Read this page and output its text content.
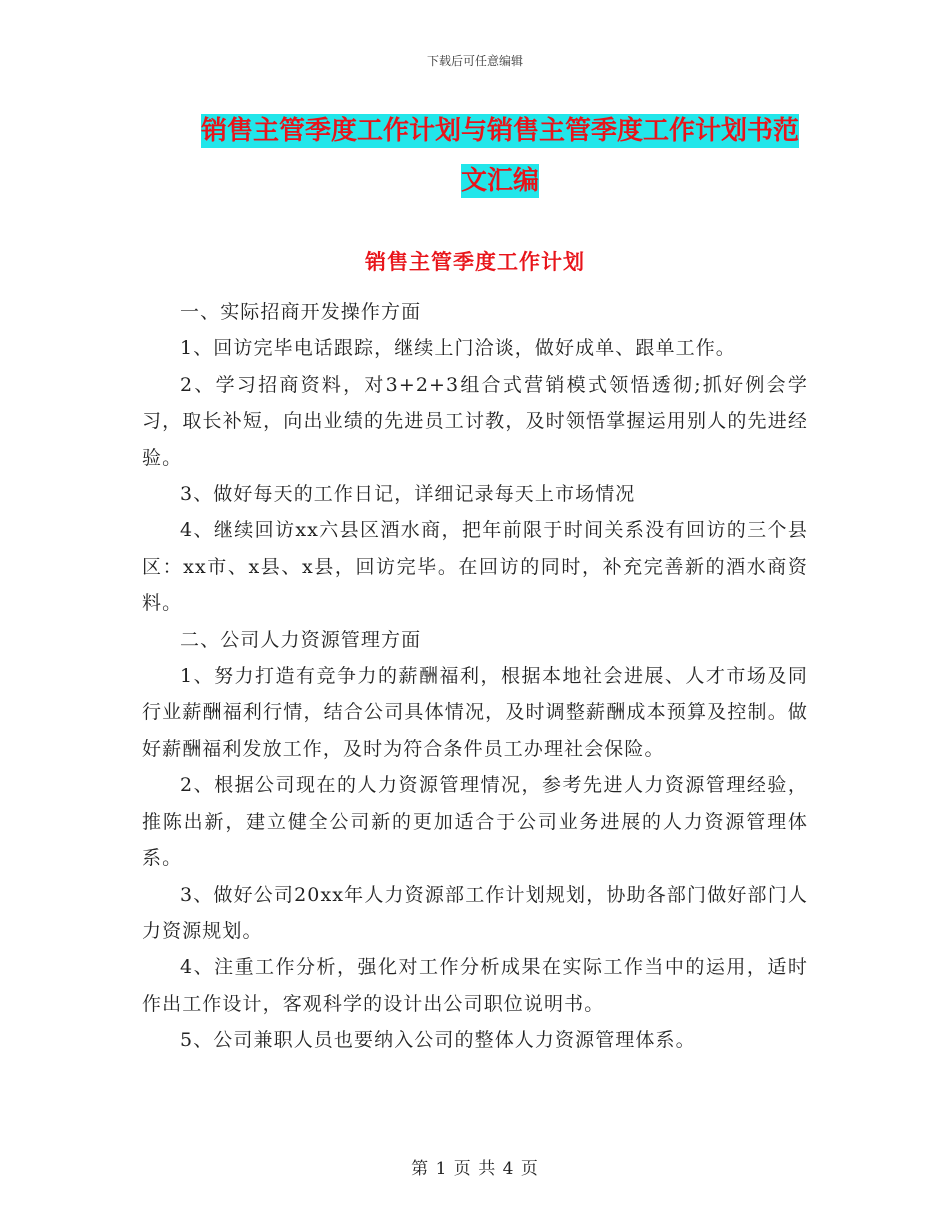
下载后可任意编辑
销售主管季度工作计划与销售主管季度工作计划书范文汇编
销售主管季度工作计划

一、实际招商开发操作方面

1、回访完毕电话跟踪，继续上门洽谈，做好成单、跟单工作。

2、学习招商资料，对3+2+3组合式营销模式领悟透彻;抓好例会学习，取长补短，向出业绩的先进员工讨教，及时领悟掌握运用别人的先进经验。

3、做好每天的工作日记，详细记录每天上市场情况

4、继续回访xx六县区酒水商，把年前限于时间关系没有回访的三个县区：xx市、x县、x县，回访完毕。在回访的同时，补充完善新的酒水商资料。

二、公司人力资源管理方面

1、努力打造有竞争力的薪酬福利，根据本地社会进展、人才市场及同行业薪酬福利行情，结合公司具体情况，及时调整薪酬成本预算及控制。做好薪酬福利发放工作，及时为符合条件员工办理社会保险。

2、根据公司现在的人力资源管理情况，参考先进人力资源管理经验，推陈出新，建立健全公司新的更加适合于公司业务进展的人力资源管理体系。

3、做好公司20xx年人力资源部工作计划规划，协助各部门做好部门人力资源规划。

4、注重工作分析，强化对工作分析成果在实际工作当中的运用，适时作出工作设计，客观科学的设计出公司职位说明书。

5、公司兼职人员也要纳入公司的整体人力资源管理体系。

第 1 页 共 4 页
